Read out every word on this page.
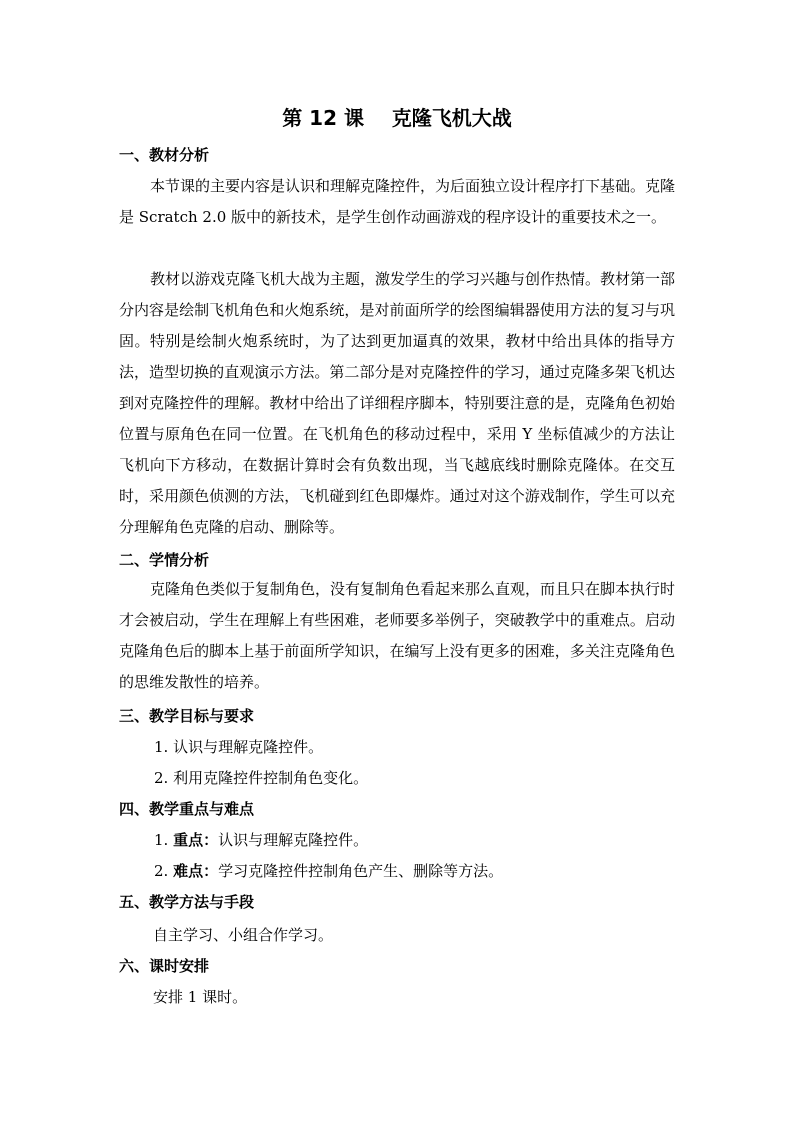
第 12 课    克隆飞机大战
一、教材分析

本节课的主要内容是认识和理解克隆控件，为后面独立设计程序打下基础。克隆是 Scratch 2.0 版中的新技术，是学生创作动画游戏的程序设计的重要技术之一。

教材以游戏克隆飞机大战为主题，激发学生的学习兴趣与创作热情。教材第一部分内容是绘制飞机角色和火炮系统，是对前面所学的绘图编辑器使用方法的复习与巩固。特别是绘制火炮系统时，为了达到更加逼真的效果，教材中给出具体的指导方法，造型切换的直观演示方法。第二部分是对克隆控件的学习，通过克隆多架飞机达到对克隆控件的理解。教材中给出了详细程序脚本，特别要注意的是，克隆角色初始位置与原角色在同一位置。在飞机角色的移动过程中，采用 Y 坐标值减少的方法让飞机向下方移动，在数据计算时会有负数出现，当飞越底线时删除克隆体。在交互时，采用颜色侦测的方法，飞机碰到红色即爆炸。通过对这个游戏制作，学生可以充分理解角色克隆的启动、删除等。

二、学情分析

克隆角色类似于复制角色，没有复制角色看起来那么直观，而且只在脚本执行时才会被启动，学生在理解上有些困难，老师要多举例子，突破教学中的重难点。启动克隆角色后的脚本上基于前面所学知识，在编写上没有更多的困难，多关注克隆角色的思维发散性的培养。

三、教学目标与要求
1. 认识与理解克隆控件。
2. 利用克隆控件控制角色变化。
四、教学重点与难点
1. 重点：认识与理解克隆控件。
2. 难点：学习克隆控件控制角色产生、删除等方法。
五、教学方法与手段
自主学习、小组合作学习。
六、课时安排
安排 1 课时。
